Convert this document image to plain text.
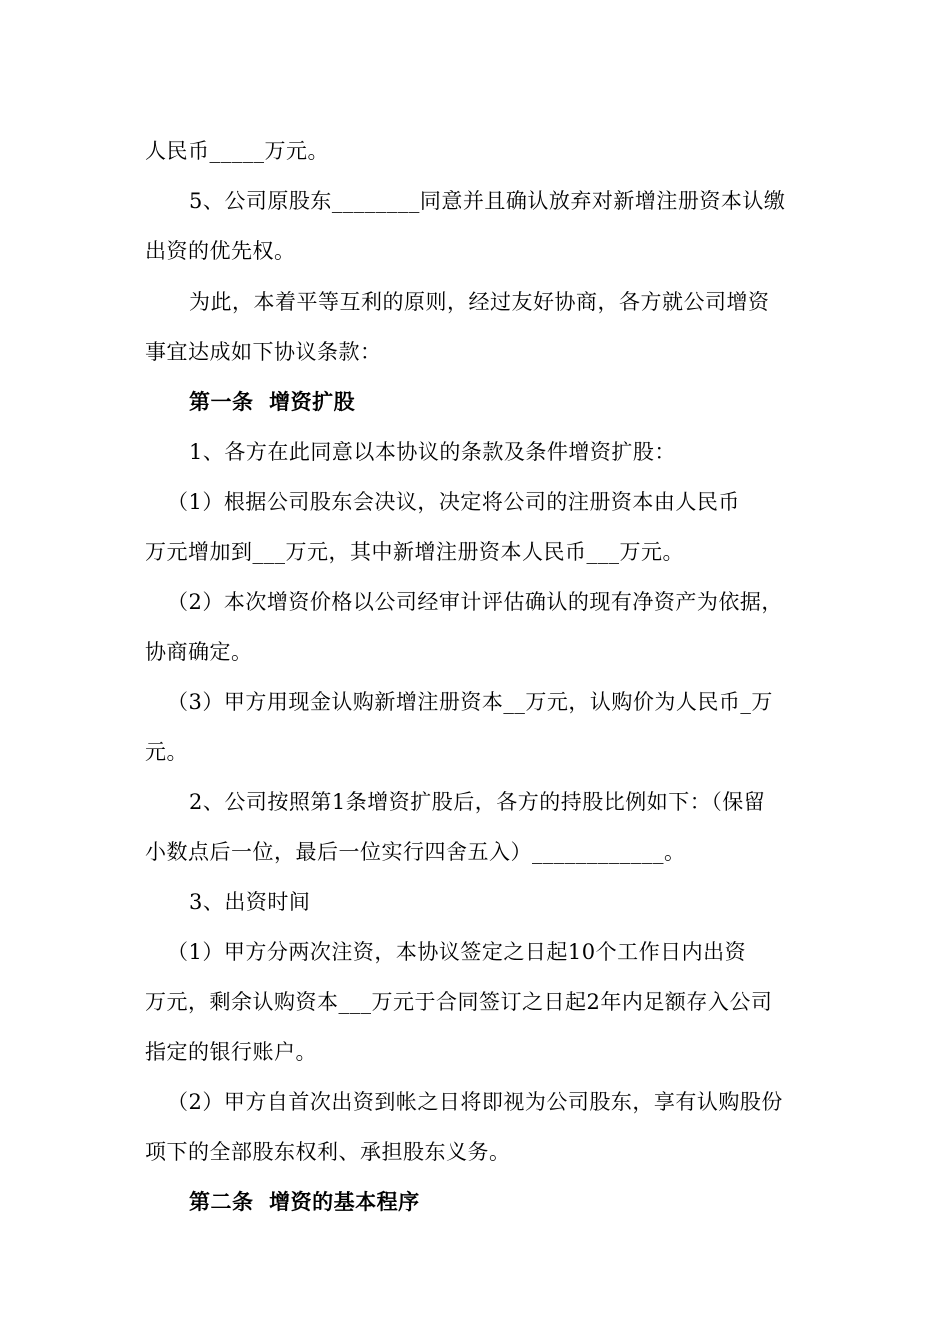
人民币_____万元。
5、公司原股东________同意并且确认放弃对新增注册资本认缴
出资的优先权。
为此，本着平等互利的原则，经过友好协商，各方就公司增资
事宜达成如下协议条款：
第一条  增资扩股
1、各方在此同意以本协议的条款及条件增资扩股：
（1）根据公司股东会决议，决定将公司的注册资本由人民币
万元增加到___万元，其中新增注册资本人民币___万元。
（2）本次增资价格以公司经审计评估确认的现有净资产为依据，
协商确定。
（3）甲方用现金认购新增注册资本__万元，认购价为人民币_万
元。
2、公司按照第1条增资扩股后，各方的持股比例如下：（保留
小数点后一位，最后一位实行四舍五入）____________。
3、出资时间
（1）甲方分两次注资，本协议签定之日起10个工作日内出资
万元，剩余认购资本___万元于合同签订之日起2年内足额存入公司
指定的银行账户。
（2）甲方自首次出资到帐之日将即视为公司股东，享有认购股份
项下的全部股东权利、承担股东义务。
第二条  增资的基本程序
